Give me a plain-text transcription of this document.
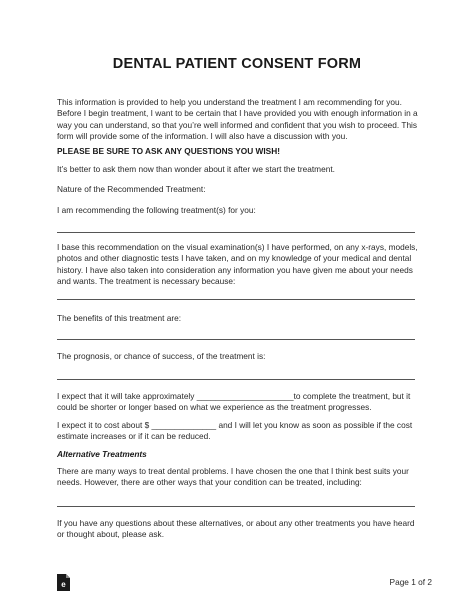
DENTAL PATIENT CONSENT FORM

This information is provided to help you understand the treatment I am recommending for you. Before I begin treatment, I want to be certain that I have provided you with enough information in a way you can understand, so that you’re well informed and confident that you wish to proceed. This form will provide some of the information. I will also have a discussion with you.

PLEASE BE SURE TO ASK ANY QUESTIONS YOU WISH!

It’s better to ask them now than wonder about it after we start the treatment.

Nature of the Recommended Treatment:

I am recommending the following treatment(s) for you:

I base this recommendation on the visual examination(s) I have performed, on any x-rays, models, photos and other diagnostic tests I have taken, and on my knowledge of your medical and dental history. I have also taken into consideration any information you have given me about your needs and wants. The treatment is necessary because:

The benefits of this treatment are:

The prognosis, or chance of success, of the treatment is:

I expect that it will take approximately _____________________to complete the treatment, but it could be shorter or longer based on what we experience as the treatment progresses.

I expect it to cost about $ ______________ and I will let you know as soon as possible if the cost estimate increases or if it can be reduced.

Alternative Treatments

There are many ways to treat dental problems. I have chosen the one that I think best suits your needs. However, there are other ways that your condition can be treated, including:

If you have any questions about these alternatives, or about any other treatments you have heard or thought about, please ask.

e	Page 1 of 2
